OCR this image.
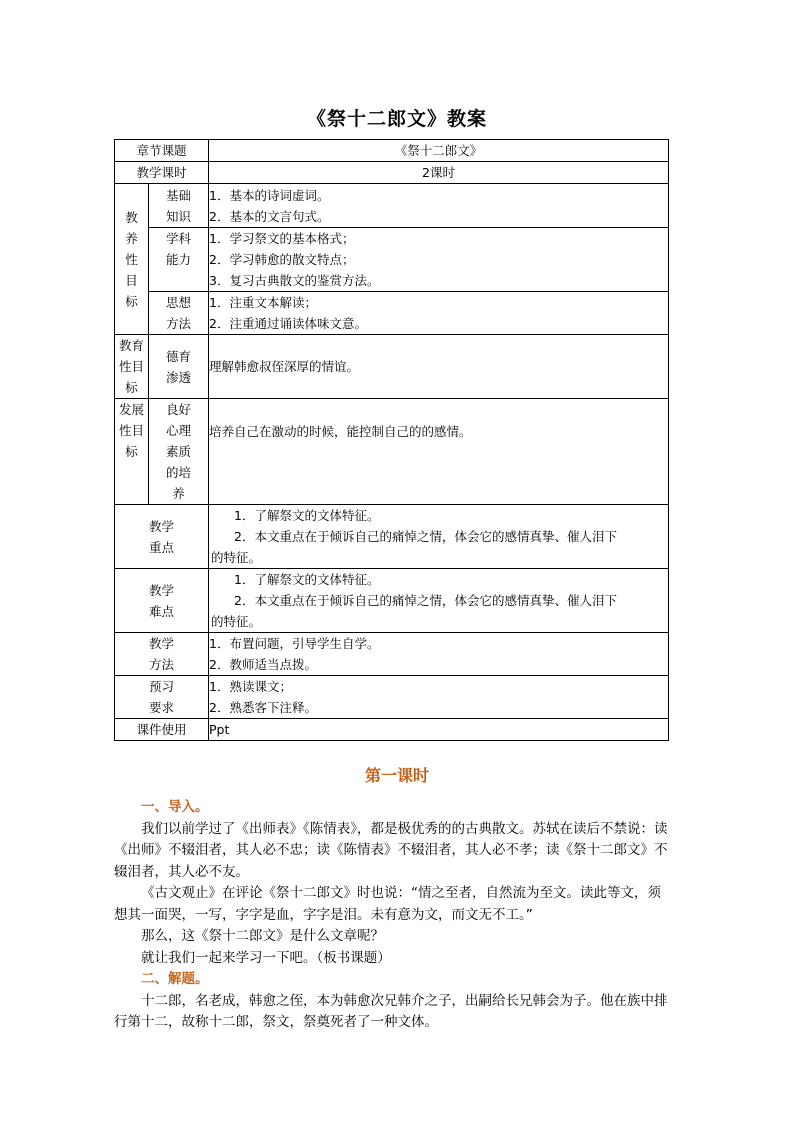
《祭十二郎文》教案
章节课题		《祭十二郎文》
教学课时		2课时

教养性目标	基础知识	1．基本的诗词虚词。
2．基本的文言句式。

	学科能力	1．学习祭文的基本格式；
2．学习韩愈的散文特点；
3．复习古典散文的鉴赏方法。

	思想方法	1．注重文本解读；
2．注重通过诵读体味文意。

教育性目标	德育渗透	理解韩愈叔侄深厚的情谊。

发展性目标	良好心理素质的培养	培养自己在激动的时候，能控制自己的的感情。

教学重点		1．了解祭文的文体特征。
2．本文重点在于倾诉自己的痛悼之情，体会它的感情真挚、催人泪下
的特征。

教学难点		1．了解祭文的文体特征。
2．本文重点在于倾诉自己的痛悼之情，体会它的感情真挚、催人泪下
的特征。

教学方法		1．布置问题，引导学生自学。
2．教师适当点拨。

预习要求		1．熟读课文；
2．熟悉客下注释。

课件使用		Ppt
第一课时
一、导入。
我们以前学过了《出师表》《陈情表》，都是极优秀的的古典散文。苏轼在读后不禁说：读《出师》不辍泪者，其人必不忠；读《陈情表》不辍泪者，其人必不孝；读《祭十二郎文》不辍泪者，其人必不友。
《古文观止》在评论《祭十二郎文》时也说：“情之至者，自然流为至文。读此等文，须想其一面哭，一写，字字是血，字字是泪。未有意为文，而文无不工。”
那么，这《祭十二郎文》是什么文章呢？
就让我们一起来学习一下吧。（板书课题）
二、解题。
十二郎，名老成，韩愈之侄，本为韩愈次兄韩介之子，出嗣给长兄韩会为子。他在族中排行第十二，故称十二郎，祭文，祭奠死者了一种文体。
